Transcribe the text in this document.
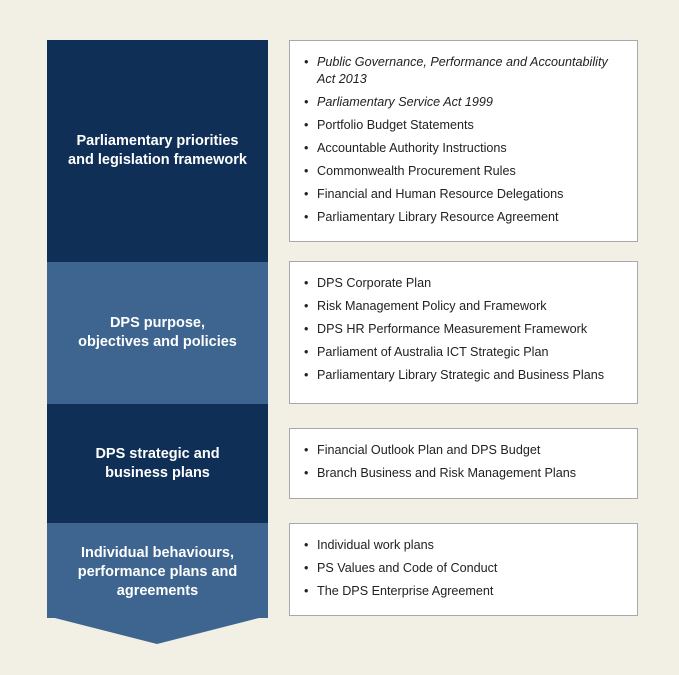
Parliamentary priorities
and legislation framework
DPS purpose,
objectives and policies
DPS strategic and
business plans
Individual behaviours,
performance plans and
agreements
• Public Governance, Performance and Accountability Act 2013
• Parliamentary Service Act 1999
• Portfolio Budget Statements
• Accountable Authority Instructions
• Commonwealth Procurement Rules
• Financial and Human Resource Delegations
• Parliamentary Library Resource Agreement
• DPS Corporate Plan
• Risk Management Policy and Framework
• DPS HR Performance Measurement Framework
• Parliament of Australia ICT Strategic Plan
• Parliamentary Library Strategic and Business Plans
• Financial Outlook Plan and DPS Budget
• Branch Business and Risk Management Plans
• Individual work plans
• PS Values and Code of Conduct
• The DPS Enterprise Agreement
